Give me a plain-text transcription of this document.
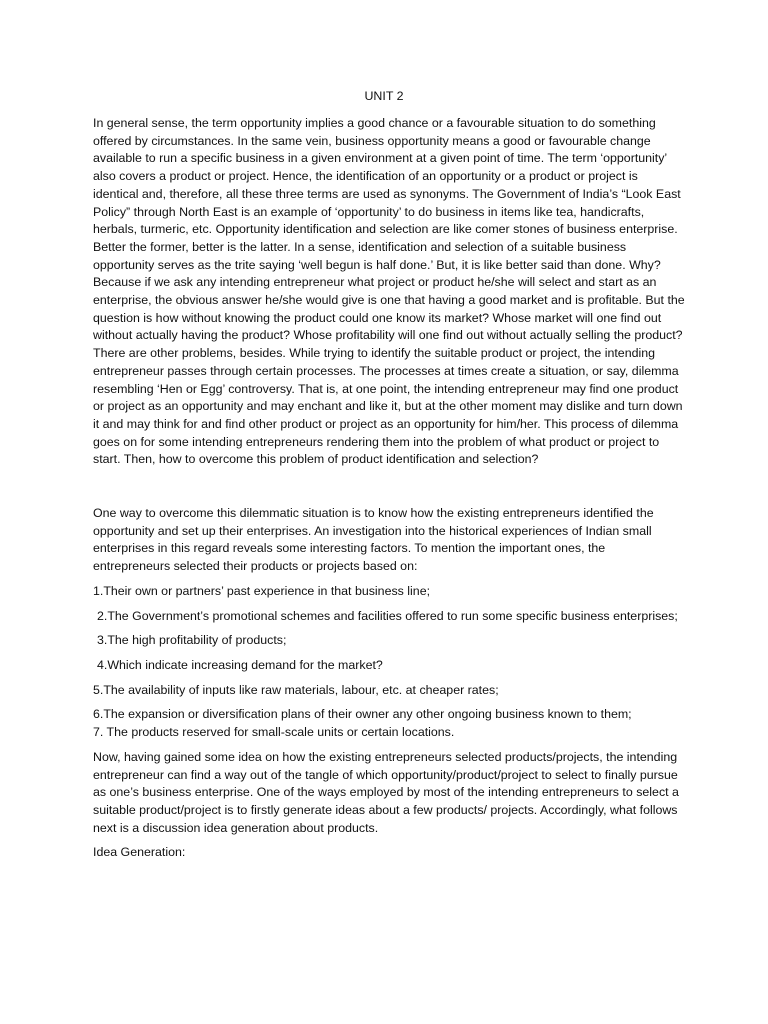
UNIT 2

In general sense, the term opportunity implies a good chance or a favourable situation to do something offered by circumstances. In the same vein, business opportunity means a good or favourable change available to run a specific business in a given environment at a given point of time. The term ‘opportunity’ also covers a product or project. Hence, the identification of an opportunity or a product or project is identical and, therefore, all these three terms are used as synonyms. The Government of India’s “Look East Policy” through North East is an example of ‘opportunity’ to do business in items like tea, handicrafts, herbals, turmeric, etc. Opportunity identification and selection are like comer stones of business enterprise. Better the former, better is the latter. In a sense, identification and selection of a suitable business opportunity serves as the trite saying ‘well begun is half done.’ But, it is like better said than done. Why? Because if we ask any intending entrepreneur what project or product he/she will select and start as an enterprise, the obvious answer he/she would give is one that having a good market and is profitable. But the question is how without knowing the product could one know its market? Whose market will one find out without actually having the product? Whose profitability will one find out without actually selling the product? There are other problems, besides. While trying to identify the suitable product or project, the intending entrepreneur passes through certain processes. The processes at times create a situation, or say, dilemma resembling ‘Hen or Egg’ controversy. That is, at one point, the intending entrepreneur may find one product or project as an opportunity and may enchant and like it, but at the other moment may dislike and turn down it and may think for and find other product or project as an opportunity for him/her. This process of dilemma goes on for some intending entrepreneurs rendering them into the problem of what product or project to start. Then, how to overcome this problem of product identification and selection?

One way to overcome this dilemmatic situation is to know how the existing entrepreneurs identified the opportunity and set up their enterprises. An investigation into the historical experiences of Indian small enterprises in this regard reveals some interesting factors. To mention the important ones, the entrepreneurs selected their products or projects based on:

1.Their own or partners’ past experience in that business line;

2.The Government’s promotional schemes and facilities offered to run some specific business enterprises;

3.The high profitability of products;

4.Which indicate increasing demand for the market?

5.The availability of inputs like raw materials, labour, etc. at cheaper rates;

6.The expansion or diversification plans of their owner any other ongoing business known to them;

7. The products reserved for small-scale units or certain locations.

Now, having gained some idea on how the existing entrepreneurs selected products/projects, the intending entrepreneur can find a way out of the tangle of which opportunity/product/project to select to finally pursue as one’s business enterprise. One of the ways employed by most of the intending entrepreneurs to select a suitable product/project is to firstly generate ideas about a few products/ projects. Accordingly, what follows next is a discussion idea generation about products.

Idea Generation:
